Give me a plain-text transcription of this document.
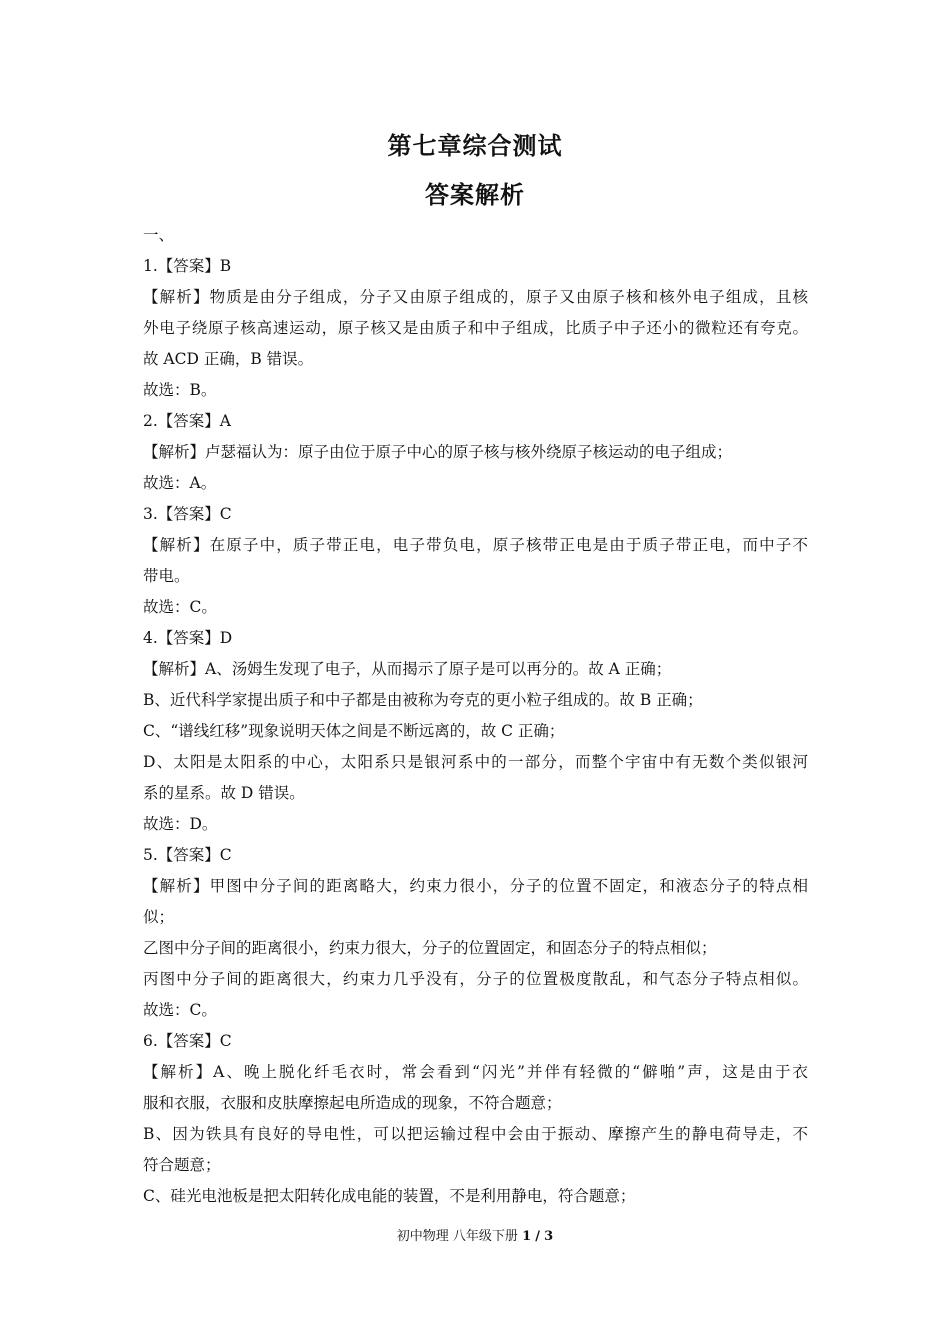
第七章综合测试
答案解析
一、
1.【答案】B
【解析】物质是由分子组成，分子又由原子组成的，原子又由原子核和核外电子组成，且核
外电子绕原子核高速运动，原子核又是由质子和中子组成，比质子中子还小的微粒还有夸克。
故 ACD 正确，B 错误。
故选：B。
2.【答案】A
【解析】卢瑟福认为：原子由位于原子中心的原子核与核外绕原子核运动的电子组成；
故选：A。
3.【答案】C
【解析】在原子中，质子带正电，电子带负电，原子核带正电是由于质子带正电，而中子不
带电。
故选：C。
4.【答案】D
【解析】A、汤姆生发现了电子，从而揭示了原子是可以再分的。故 A 正确；
B、近代科学家提出质子和中子都是由被称为夸克的更小粒子组成的。故 B 正确；
C、“谱线红移”现象说明天体之间是不断远离的，故 C 正确；
D、太阳是太阳系的中心，太阳系只是银河系中的一部分，而整个宇宙中有无数个类似银河
系的星系。故 D 错误。
故选：D。
5.【答案】C
【解析】甲图中分子间的距离略大，约束力很小，分子的位置不固定，和液态分子的特点相
似；
乙图中分子间的距离很小，约束力很大，分子的位置固定，和固态分子的特点相似；
丙图中分子间的距离很大，约束力几乎没有，分子的位置极度散乱，和气态分子特点相似。
故选：C。
6.【答案】C
【解析】A、晚上脱化纤毛衣时，常会看到“闪光”并伴有轻微的“僻啪”声，这是由于衣
服和衣服，衣服和皮肤摩擦起电所造成的现象，不符合题意；
B、因为铁具有良好的导电性，可以把运输过程中会由于振动、摩擦产生的静电荷导走，不
符合题意；
C、硅光电池板是把太阳转化成电能的装置，不是利用静电，符合题意；
初中物理 八年级下册 1 / 3
